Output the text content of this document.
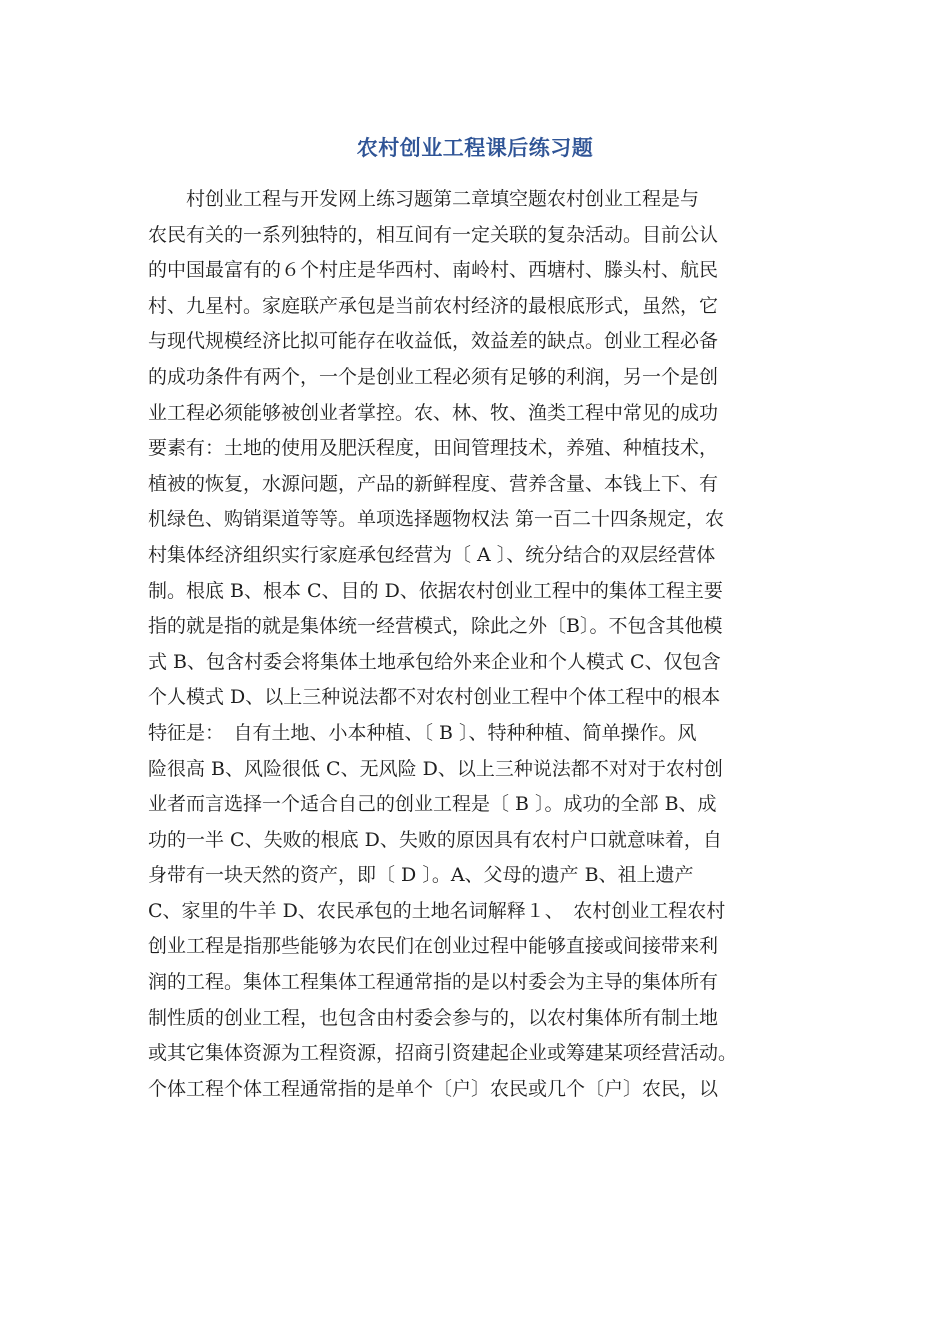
农村创业工程课后练习题
村创业工程与开发网上练习题第二章填空题农村创业工程是与
农民有关的一系列独特的，相互间有一定关联的复杂活动。目前公认
的中国最富有的６个村庄是华西村、南岭村、西塘村、滕头村、航民
村、九星村。家庭联产承包是当前农村经济的最根底形式，虽然，它
与现代规模经济比拟可能存在收益低，效益差的缺点。创业工程必备
的成功条件有两个，一个是创业工程必须有足够的利润，另一个是创
业工程必须能够被创业者掌控。农、林、牧、渔类工程中常见的成功
要素有：土地的使用及肥沃程度，田间管理技术，养殖、种植技术，
植被的恢复，水源问题，产品的新鲜程度、营养含量、本钱上下、有
机绿色、购销渠道等等。单项选择题物权法 第一百二十四条规定，农
村集体经济组织实行家庭承包经营为〔 A 〕、统分结合的双层经营体
制。根底 B、根本 C、目的 D、依据农村创业工程中的集体工程主要
指的就是指的就是集体统一经营模式，除此之外〔B〕。不包含其他模
式 B、包含村委会将集体土地承包给外来企业和个人模式 C、仅包含
个人模式 D、以上三种说法都不对农村创业工程中个体工程中的根本
特征是：　自有土地、小本种植、〔 B 〕、特种种植、简单操作。风
险很高 B、风险很低 C、无风险 D、以上三种说法都不对对于农村创
业者而言选择一个适合自己的创业工程是〔 B 〕。成功的全部 B、成
功的一半 C、失败的根底 D、失败的原因具有农村户口就意味着，自
身带有一块天然的资产，即〔 D 〕。A、父母的遗产 B、祖上遗产
C、家里的牛羊 D、农民承包的土地名词解释１、　农村创业工程农村
创业工程是指那些能够为农民们在创业过程中能够直接或间接带来利
润的工程。集体工程集体工程通常指的是以村委会为主导的集体所有
制性质的创业工程，也包含由村委会参与的，以农村集体所有制土地
或其它集体资源为工程资源，招商引资建起企业或筹建某项经营活动。
个体工程个体工程通常指的是单个〔户〕农民或几个〔户〕农民，以
